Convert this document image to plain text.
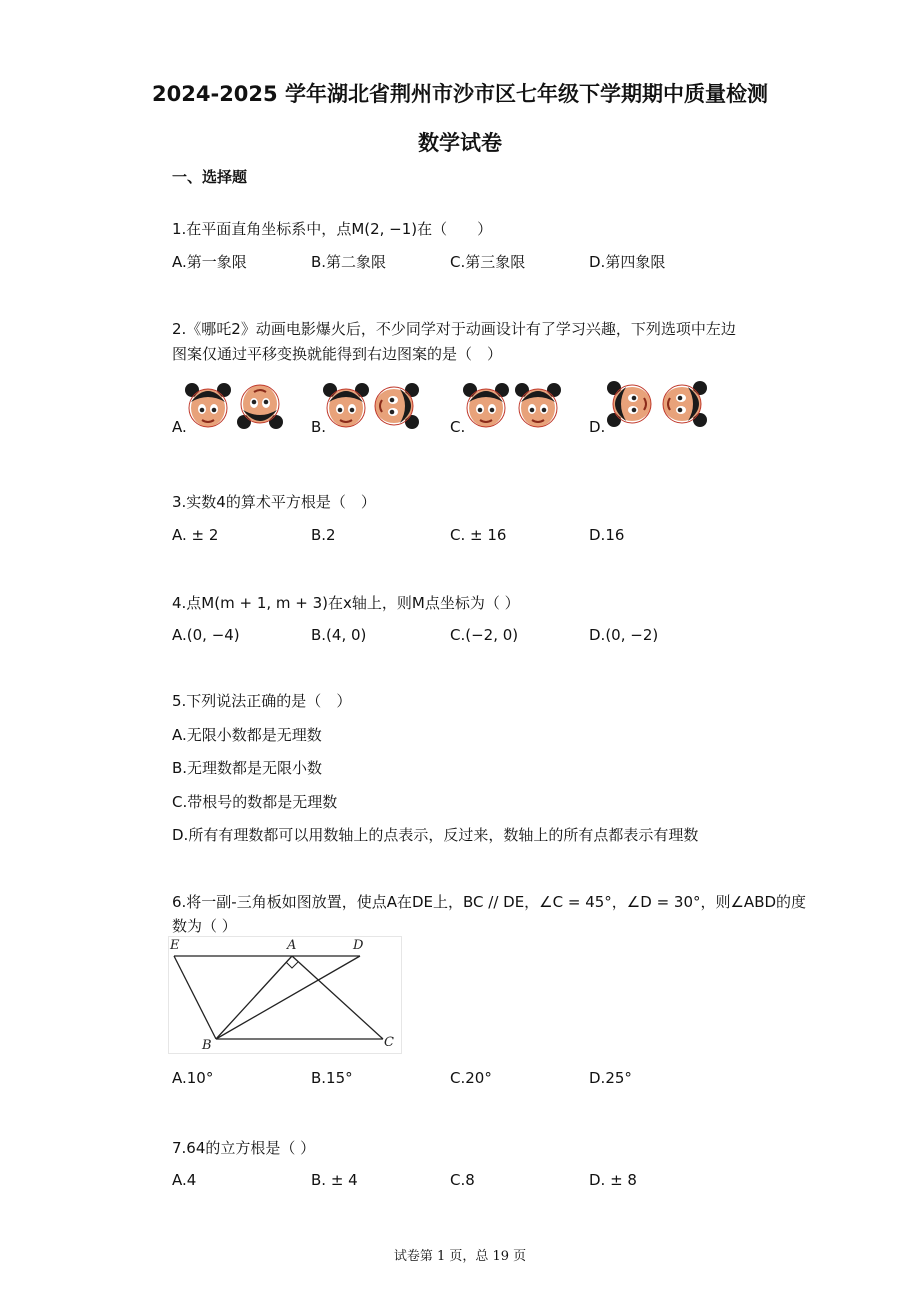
2024-2025 学年湖北省荆州市沙市区七年级下学期期中质量检测
数学试卷
一、选择题
1.在平面直角坐标系中，点M(2, −1)在（　　）
A.第一象限	B.第二象限	C.第三象限	D.第四象限
2.《哪吒2》动画电影爆火后，不少同学对于动画设计有了学习兴趣，下列选项中左边
图案仅通过平移变换就能得到右边图案的是（　）
A.	B.	C.	D.
3.实数4的算术平方根是（　）
A. ± 2	B.2	C. ± 16	D.16
4.点M(m + 1, m + 3)在x轴上，则M点坐标为（ ）
A.(0, −4)	B.(4, 0)	C.(−2, 0)	D.(0, −2)
5.下列说法正确的是（　）
A.无限小数都是无理数
B.无理数都是无限小数
C.带根号的数都是无理数
D.所有有理数都可以用数轴上的点表示，反过来，数轴上的所有点都表示有理数
6.将一副-三角板如图放置，使点A在DE上，BC // DE，∠C = 45°，∠D = 30°，则∠ABD的度
数为（ ）
E	A	D
B	C
A.10°	B.15°	C.20°	D.25°
7.64的立方根是（ ）
A.4	B. ± 4	C.8	D. ± 8
试卷第 1 页，总 19 页
